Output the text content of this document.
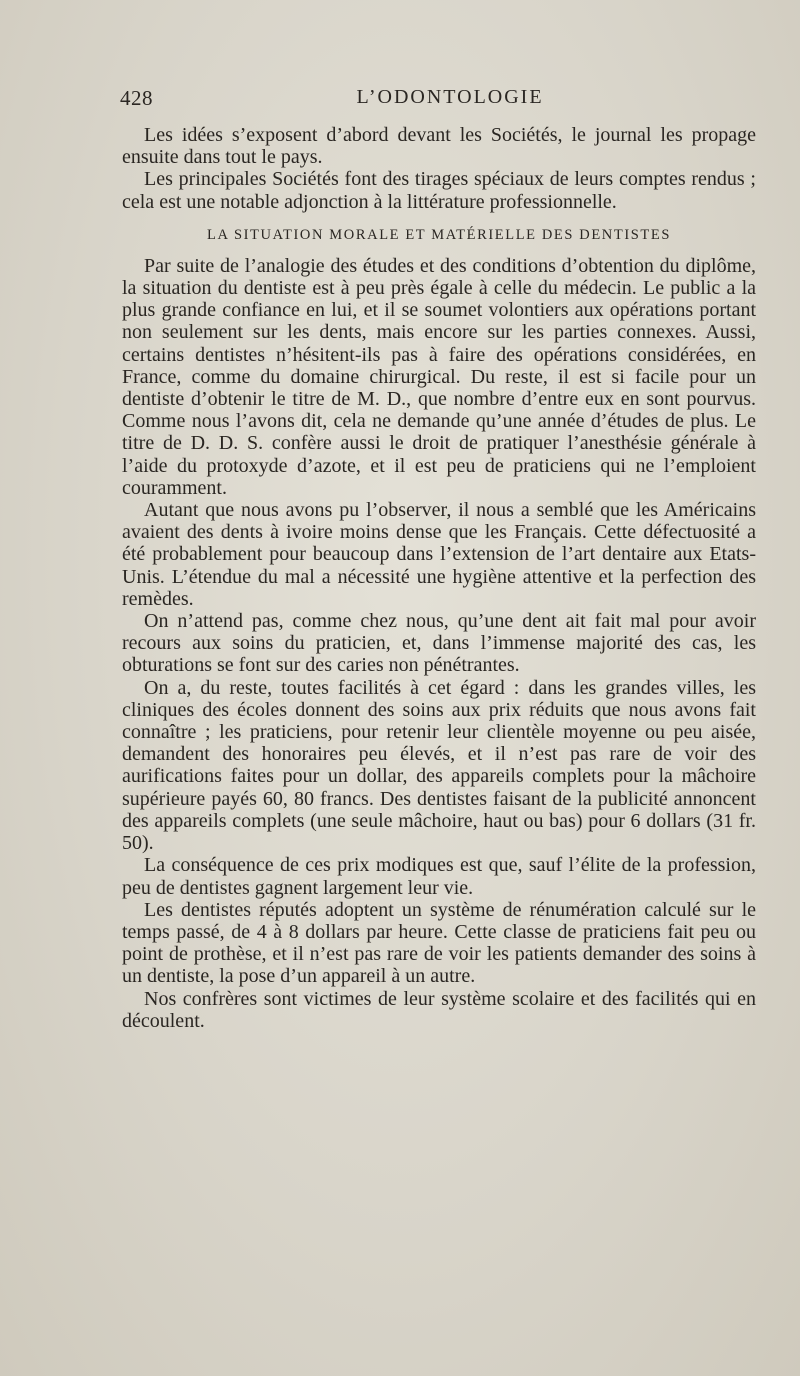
428	L’ODONTOLOGIE

Les idées s’exposent d’abord devant les Sociétés, le journal les propage ensuite dans tout le pays.

Les principales Sociétés font des tirages spéciaux de leurs comptes rendus ; cela est une notable adjonction à la littérature professionnelle.

LA SITUATION MORALE ET MATÉRIELLE DES DENTISTES

Par suite de l’analogie des études et des conditions d’obtention du diplôme, la situation du dentiste est à peu près égale à celle du médecin. Le public a la plus grande confiance en lui, et il se soumet volontiers aux opérations portant non seulement sur les dents, mais encore sur les parties connexes. Aussi, certains dentistes n’hésitent-ils pas à faire des opérations considérées, en France, comme du domaine chirurgical. Du reste, il est si facile pour un dentiste d’obtenir le titre de M. D., que nombre d’entre eux en sont pourvus. Comme nous l’avons dit, cela ne demande qu’une année d’études de plus. Le titre de D. D. S. confère aussi le droit de pratiquer l’anesthésie générale à l’aide du protoxyde d’azote, et il est peu de praticiens qui ne l’emploient couramment.

Autant que nous avons pu l’observer, il nous a semblé que les Américains avaient des dents à ivoire moins dense que les Français. Cette défectuosité a été probablement pour beaucoup dans l’extension de l’art dentaire aux Etats-Unis. L’étendue du mal a nécessité une hygiène attentive et la perfection des remèdes.

On n’attend pas, comme chez nous, qu’une dent ait fait mal pour avoir recours aux soins du praticien, et, dans l’immense majorité des cas, les obturations se font sur des caries non pénétrantes.

On a, du reste, toutes facilités à cet égard : dans les grandes villes, les cliniques des écoles donnent des soins aux prix réduits que nous avons fait connaître ; les praticiens, pour retenir leur clientèle moyenne ou peu aisée, demandent des honoraires peu élevés, et il n’est pas rare de voir des aurifications faites pour un dollar, des appareils complets pour la mâchoire supérieure payés 60, 80 francs. Des dentistes faisant de la publicité annoncent des appareils complets (une seule mâchoire, haut ou bas) pour 6 dollars (31 fr. 50).

La conséquence de ces prix modiques est que, sauf l’élite de la profession, peu de dentistes gagnent largement leur vie.

Les dentistes réputés adoptent un système de rénumération calculé sur le temps passé, de 4 à 8 dollars par heure. Cette classe de praticiens fait peu ou point de prothèse, et il n’est pas rare de voir les patients demander des soins à un dentiste, la pose d’un appareil à un autre.

Nos confrères sont victimes de leur système scolaire et des facilités qui en découlent.
